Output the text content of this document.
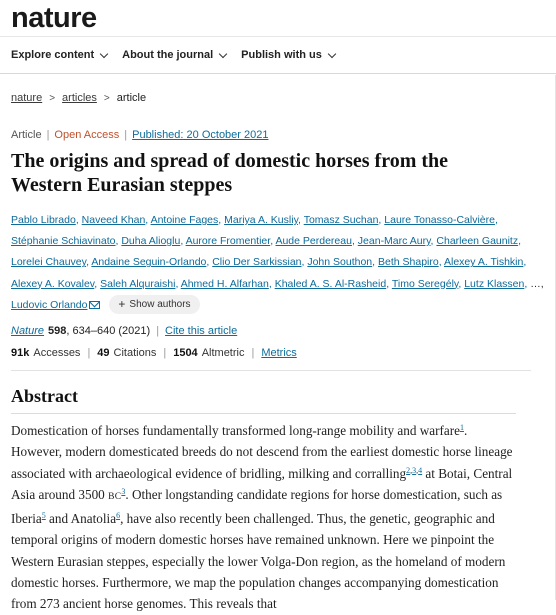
nature
Explore content	About the journal	Publish with us
nature > articles > article
Article | Open Access | Published: 20 October 2021
The origins and spread of domestic horses from the Western Eurasian steppes
Pablo Librado, Naveed Khan, Antoine Fages, Mariya A. Kusliy, Tomasz Suchan, Laure Tonasso-Calvière, Stéphanie Schiavinato, Duha Alioglu, Aurore Fromentier, Aude Perdereau, Jean-Marc Aury, Charleen Gaunitz, Lorelei Chauvey, Andaine Seguin-Orlando, Clio Der Sarkissian, John Southon, Beth Shapiro, Alexey A. Tishkin, Alexey A. Kovalev, Saleh Alquraishi, Ahmed H. Alfarhan, Khaled A. S. Al-Rasheid, Timo Seregély, Lutz Klassen, …, Ludovic Orlando	+ Show authors
Nature 598 , 634–640 (2021) | Cite this article
91k Accesses | 49 Citations | 1504 Altmetric | Metrics
Abstract

Domestication of horses fundamentally transformed long-range mobility and warfare$^1$. However, modern domesticated breeds do not descend from the earliest domestic horse lineage associated with archaeological evidence of bridling, milking and corralling$^{2,3,4}$ at Botai, Central Asia around 3500 $BC^3$. Other longstanding candidate regions for horse domestication, such as Iberia$^5$ and Anatolia$^6$, have also recently been challenged. Thus, the genetic, geographic and temporal origins of modern domestic horses have remained unknown. Here we pinpoint the Western Eurasian steppes, especially the lower Volga-Don region, as the homeland of modern domestic horses. Furthermore, we map the population changes accompanying domestication from 273 ancient horse genomes. This reveals that
